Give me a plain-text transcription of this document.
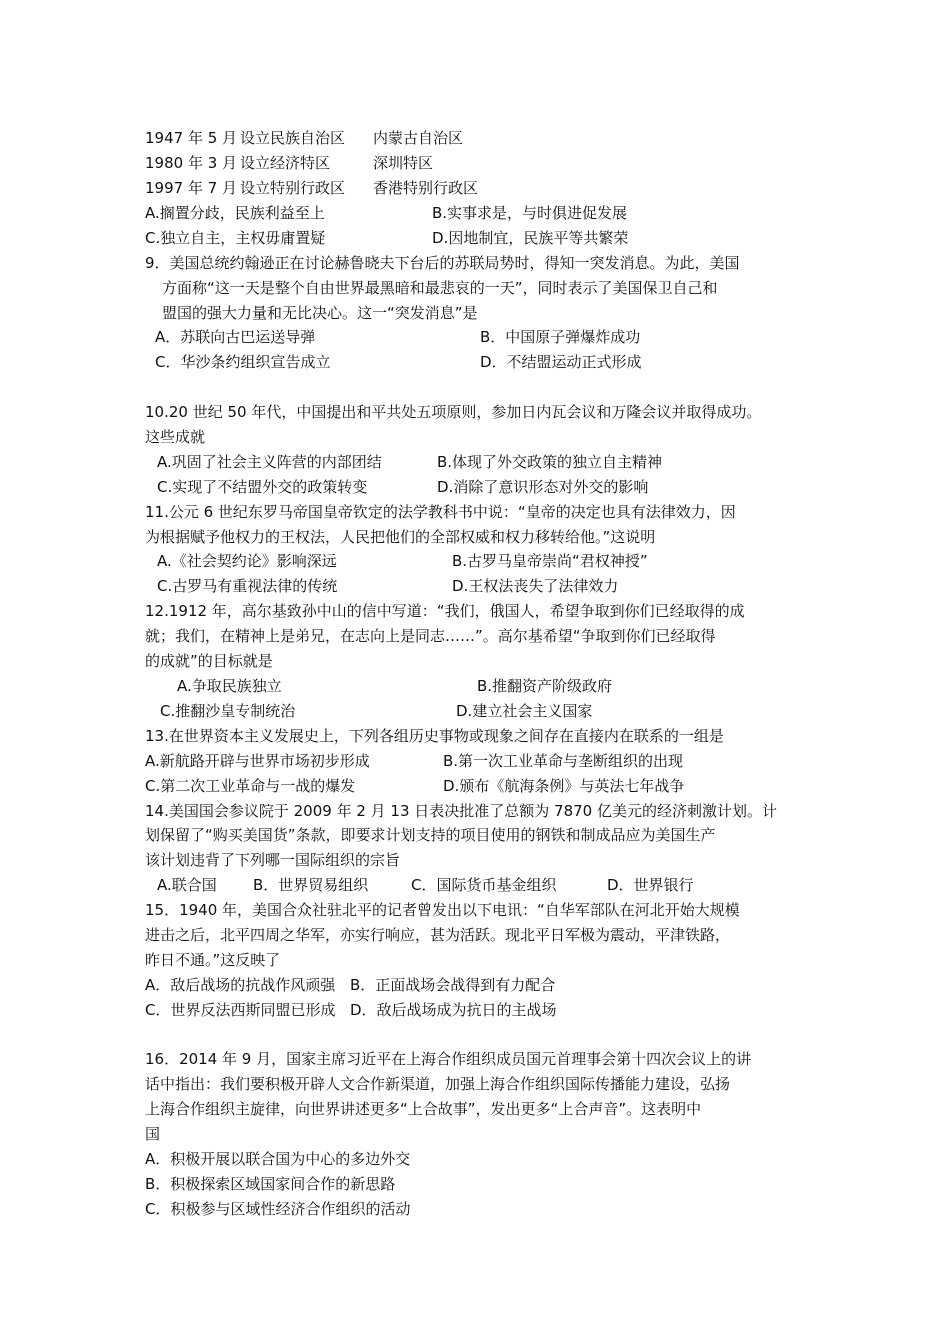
1947 年 5 月 设立民族自治区 内蒙古自治区
1980 年 3 月 设立经济特区	深圳特区
1997 年 7 月 设立特别行政区 香港特别行政区
A.搁置分歧，民族利益至上	B.实事求是，与时俱进促发展
C.独立自主，主权毋庸置疑	D.因地制宜，民族平等共繁荣
9．美国总统约翰逊正在讨论赫鲁晓夫下台后的苏联局势时，得知一突发消息。为此，美国
方面称“这一天是整个自由世界最黑暗和最悲哀的一天”，同时表示了美国保卫自己和
盟国的强大力量和无比决心。这一“突发消息”是
A．苏联向古巴运送导弹	B．中国原子弹爆炸成功
C．华沙条约组织宣告成立	D．不结盟运动正式形成
10.20 世纪 50 年代，中国提出和平共处五项原则，参加日内瓦会议和万隆会议并取得成功。
这些成就
A.巩固了社会主义阵营的内部团结	B.体现了外交政策的独立自主精神
C.实现了不结盟外交的政策转变	D.消除了意识形态对外交的影响
11.公元 6 世纪东罗马帝国皇帝钦定的法学教科书中说：“皇帝的决定也具有法律效力，因
为根据赋予他权力的王权法，人民把他们的全部权威和权力移转给他。”这说明
A.《社会契约论》影响深远	B.古罗马皇帝崇尚“君权神授”
C.古罗马有重视法律的传统	D.王权法丧失了法律效力
12.1912 年，高尔基致孙中山的信中写道：“我们，俄国人，希望争取到你们已经取得的成
就；我们，在精神上是弟兄，在志向上是同志……”。高尔基希望“争取到你们已经取得
的成就”的目标就是
A.争取民族独立	B.推翻资产阶级政府
C.推翻沙皇专制统治	D.建立社会主义国家
13.在世界资本主义发展史上，下列各组历史事物或现象之间存在直接内在联系的一组是
A.新航路开辟与世界市场初步形成	B.第一次工业革命与垄断组织的出现
C.第二次工业革命与一战的爆发	D.颁布《航海条例》与英法七年战争
14.美国国会参议院于 2009 年 2 月 13 日表决批准了总额为 7870 亿美元的经济刺激计划。计
划保留了“购买美国货”条款，即要求计划支持的项目使用的钢铁和制成品应为美国生产
该计划违背了下列哪一国际组织的宗旨
A.联合国 B．世界贸易组织	C．国际货币基金组织	D．世界银行
15．1940 年，美国合众社驻北平的记者曾发出以下电讯：“自华军部队在河北开始大规模
进击之后，北平四周之华军，亦实行响应，甚为活跃。现北平日军极为震动，平津铁路，
昨日不通。”这反映了
A．敌后战场的抗战作风顽强 B．正面战场会战得到有力配合
C．世界反法西斯同盟已形成 D．敌后战场成为抗日的主战场
16．2014 年 9 月，国家主席习近平在上海合作组织成员国元首理事会第十四次会议上的讲
话中指出：我们要积极开辟人文合作新渠道，加强上海合作组织国际传播能力建设，弘扬
上海合作组织主旋律，向世界讲述更多“上合故事”，发出更多“上合声音”。这表明中
国
A．积极开展以联合国为中心的多边外交
B．积极探索区域国家间合作的新思路
C．积极参与区域性经济合作组织的活动
